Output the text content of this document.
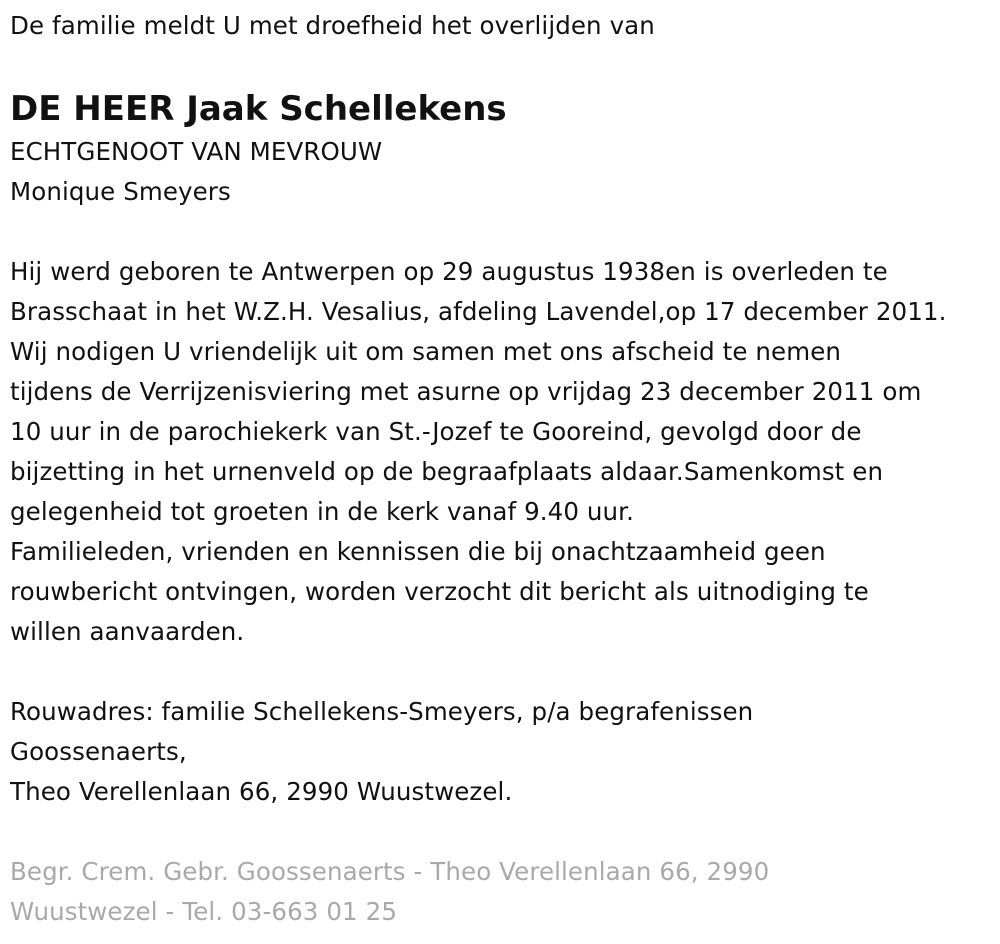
De familie meldt U met droefheid het overlijden van
DE HEER Jaak Schellekens
ECHTGENOOT VAN MEVROUW
Monique Smeyers
Hij werd geboren te Antwerpen op 29 augustus 1938en is overleden te
Brasschaat in het W.Z.H. Vesalius, afdeling Lavendel,op 17 december 2011.
Wij nodigen U vriendelijk uit om samen met ons afscheid te nemen
tijdens de Verrijzenisviering met asurne op vrijdag 23 december 2011 om
10 uur in de parochiekerk van St.-Jozef te Gooreind, gevolgd door de
bijzetting in het urnenveld op de begraafplaats aldaar.Samenkomst en
gelegenheid tot groeten in de kerk vanaf 9.40 uur.
Familieleden, vrienden en kennissen die bij onachtzaamheid geen
rouwbericht ontvingen, worden verzocht dit bericht als uitnodiging te
willen aanvaarden.
Rouwadres: familie Schellekens-Smeyers, p/a begrafenissen
Goossenaerts,
Theo Verellenlaan 66, 2990 Wuustwezel.
Begr. Crem. Gebr. Goossenaerts - Theo Verellenlaan 66, 2990
Wuustwezel - Tel. 03-663 01 25
